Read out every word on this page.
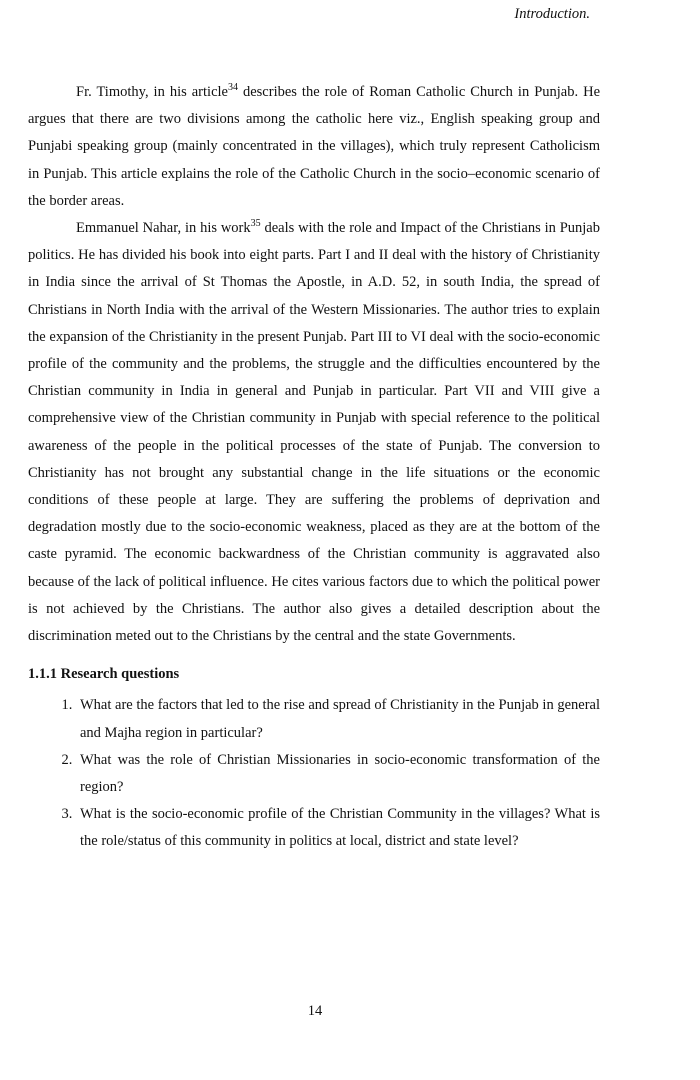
Introduction.

Fr. Timothy, in his article$^{34}$ describes the role of Roman Catholic Church in Punjab. He argues that there are two divisions among the catholic here viz., English speaking group and Punjabi speaking group (mainly concentrated in the villages), which truly represent Catholicism in Punjab. This article explains the role of the Catholic Church in the socio–economic scenario of the border areas.

Emmanuel Nahar, in his work$^{35}$ deals with the role and Impact of the Christians in Punjab politics. He has divided his book into eight parts. Part I and II deal with the history of Christianity in India since the arrival of St Thomas the Apostle, in A.D. 52, in south India, the spread of Christians in North India with the arrival of the Western Missionaries. The author tries to explain the expansion of the Christianity in the present Punjab. Part III to VI deal with the socio-economic profile of the community and the problems, the struggle and the difficulties encountered by the Christian community in India in general and Punjab in particular. Part VII and VIII give a comprehensive view of the Christian community in Punjab with special reference to the political awareness of the people in the political processes of the state of Punjab. The conversion to Christianity has not brought any substantial change in the life situations or the economic conditions of these people at large. They are suffering the problems of deprivation and degradation mostly due to the socio-economic weakness, placed as they are at the bottom of the caste pyramid. The economic backwardness of the Christian community is aggravated also because of the lack of political influence. He cites various factors due to which the political power is not achieved by the Christians. The author also gives a detailed description about the discrimination meted out to the Christians by the central and the state Governments.

1.1.1 Research questions
1. What are the factors that led to the rise and spread of Christianity in the Punjab in general and Majha region in particular?
2. What was the role of Christian Missionaries in socio-economic transformation of the region?
3. What is the socio-economic profile of the Christian Community in the villages? What is the role/status of this community in politics at local, district and state level?
14
